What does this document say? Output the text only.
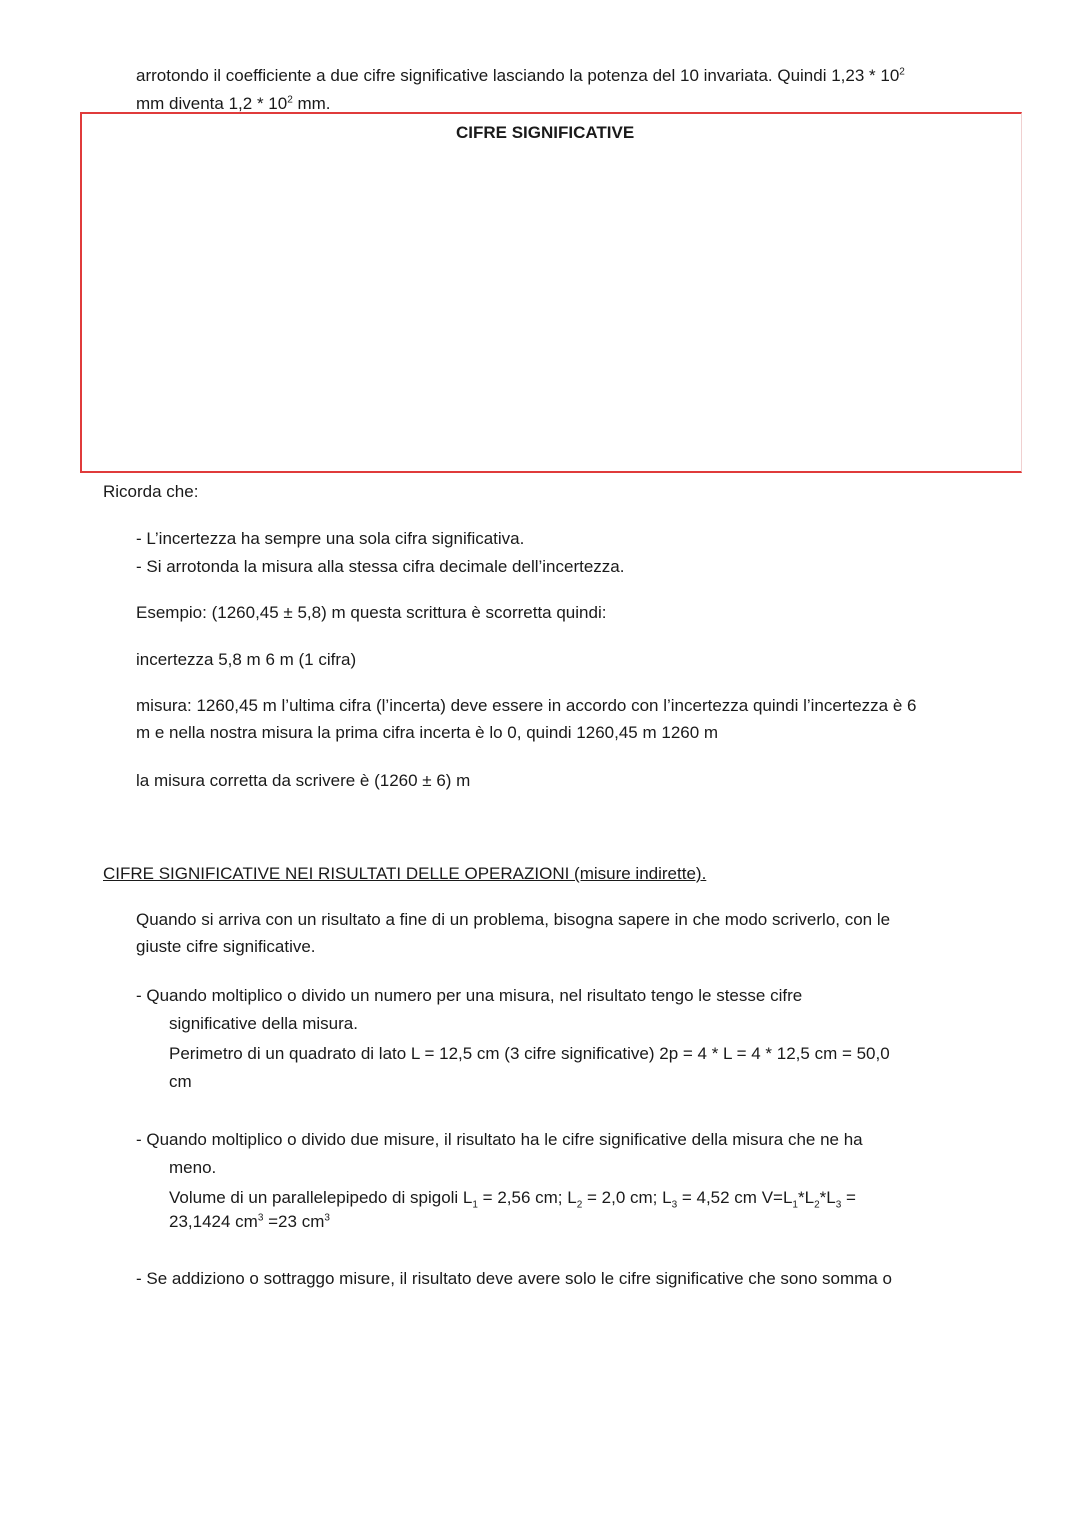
arrotondo il coefficiente a due cifre significative lasciando la potenza del 10 invariata. Quindi $1,23 * 10^2$
mm diventa $1,2 * 10^2$ mm.
CIFRE SIGNIFICATIVE
Ricorda che:
- L’incertezza ha sempre una sola cifra significativa.
- Si arrotonda la misura alla stessa cifra decimale dell’incertezza.
Esempio: (1260,45 ± 5,8) m questa scrittura è scorretta quindi:
incertezza 5,8 m 6 m (1 cifra)
misura: 1260,45 m l’ultima cifra (l’incerta) deve essere in accordo con l’incertezza quindi l’incertezza è 6
m e nella nostra misura la prima cifra incerta è lo 0, quindi 1260,45 m 1260 m
la misura corretta da scrivere è (1260 ± 6) m
CIFRE SIGNIFICATIVE NEI RISULTATI DELLE OPERAZIONI (misure indirette).
Quando si arriva con un risultato a fine di un problema, bisogna sapere in che modo scriverlo, con le
giuste cifre significative.
- Quando moltiplico o divido un numero per una misura, nel risultato tengo le stesse cifre
significative della misura.
Perimetro di un quadrato di lato L = 12,5 cm (3 cifre significative) 2p = 4 * L = 4 * 12,5 cm = 50,0
cm
- Quando moltiplico o divido due misure, il risultato ha le cifre significative della misura che ne ha
meno.
Volume di un parallelepipedo di spigoli $L_1 = 2,56$ cm; $L_2 = 2,0$ cm; $L_3 = 4,52$ cm $V=L_1*L_2*L_3$ =
23,1424 $cm^3 =23$ $cm^3$
- Se addiziono o sottraggo misure, il risultato deve avere solo le cifre significative che sono somma o
